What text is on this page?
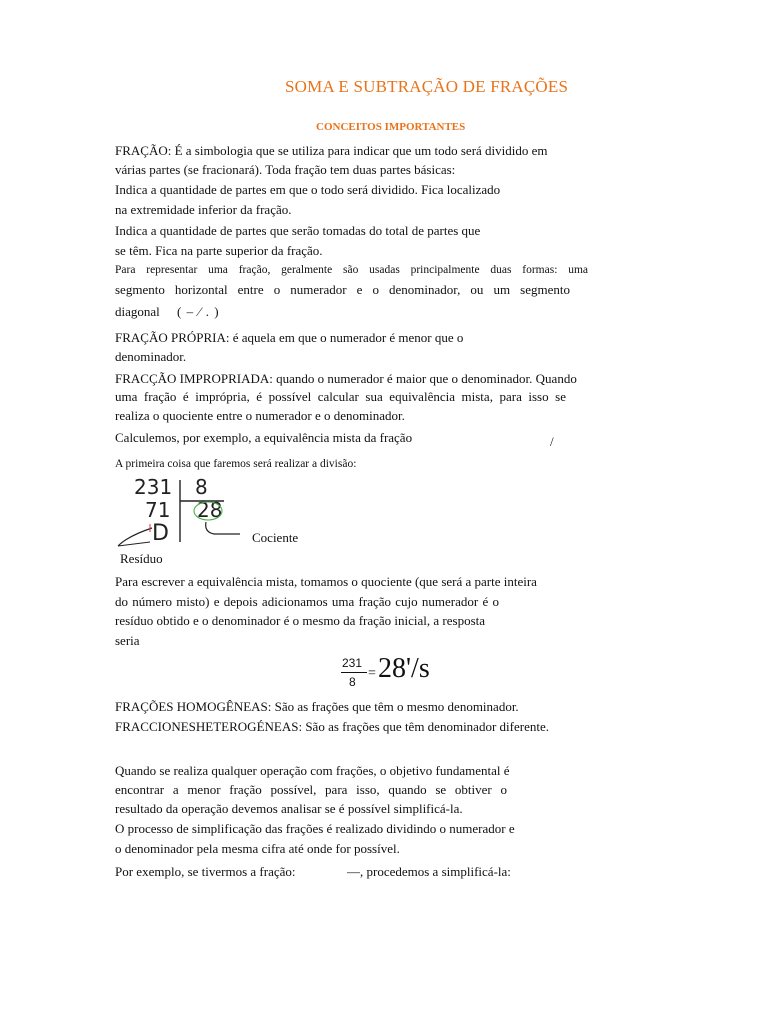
SOMA E SUBTRAÇÃO DE FRAÇÕES
CONCEITOS IMPORTANTES
FRAÇÃO: É a simbologia que se utiliza para indicar que um todo será dividido em
várias partes (se fracionará). Toda fração tem duas partes básicas:
Indica a quantidade de partes em que o todo será dividido. Fica localizado
na extremidade inferior da fração.
Indica a quantidade de partes que serão tomadas do total de partes que
se têm. Fica na parte superior da fração.
Para representar uma fração, geralmente são usadas principalmente duas formas: uma
segmento horizontal entre o numerador e o denominador, ou um segmento
diagonal ( – ⁄ . )
FRAÇÃO PRÓPRIA: é aquela em que o numerador é menor que o
denominador.
FRACÇÃO IMPROPRIADA: quando o numerador é maior que o denominador. Quando
uma fração é imprópria, é possível calcular sua equivalência mista, para isso se
realiza o quociente entre o numerador e o denominador.
Calculemos, por exemplo, a equivalência mista da fração	/
A primeira coisa que faremos será realizar a divisão:
231 8
71 28
D	Cociente
Resíduo
Para escrever a equivalência mista, tomamos o quociente (que será a parte inteira
do número misto) e depois adicionamos uma fração cujo numerador é o
resíduo obtido e o denominador é o mesmo da fração inicial, a resposta
seria
231
8
= 28'/s
FRAÇÕES HOMOGÊNEAS: São as frações que têm o mesmo denominador.
FRACCIONESHETEROGÉNEAS: São as frações que têm denominador diferente.
Quando se realiza qualquer operação com frações, o objetivo fundamental é
encontrar a menor fração possível, para isso, quando se obtiver o
resultado da operação devemos analisar se é possível simplificá-la.
O processo de simplificação das frações é realizado dividindo o numerador e
o denominador pela mesma cifra até onde for possível.
Por exemplo, se tivermos a fração:	—, procedemos a simplificá-la:
